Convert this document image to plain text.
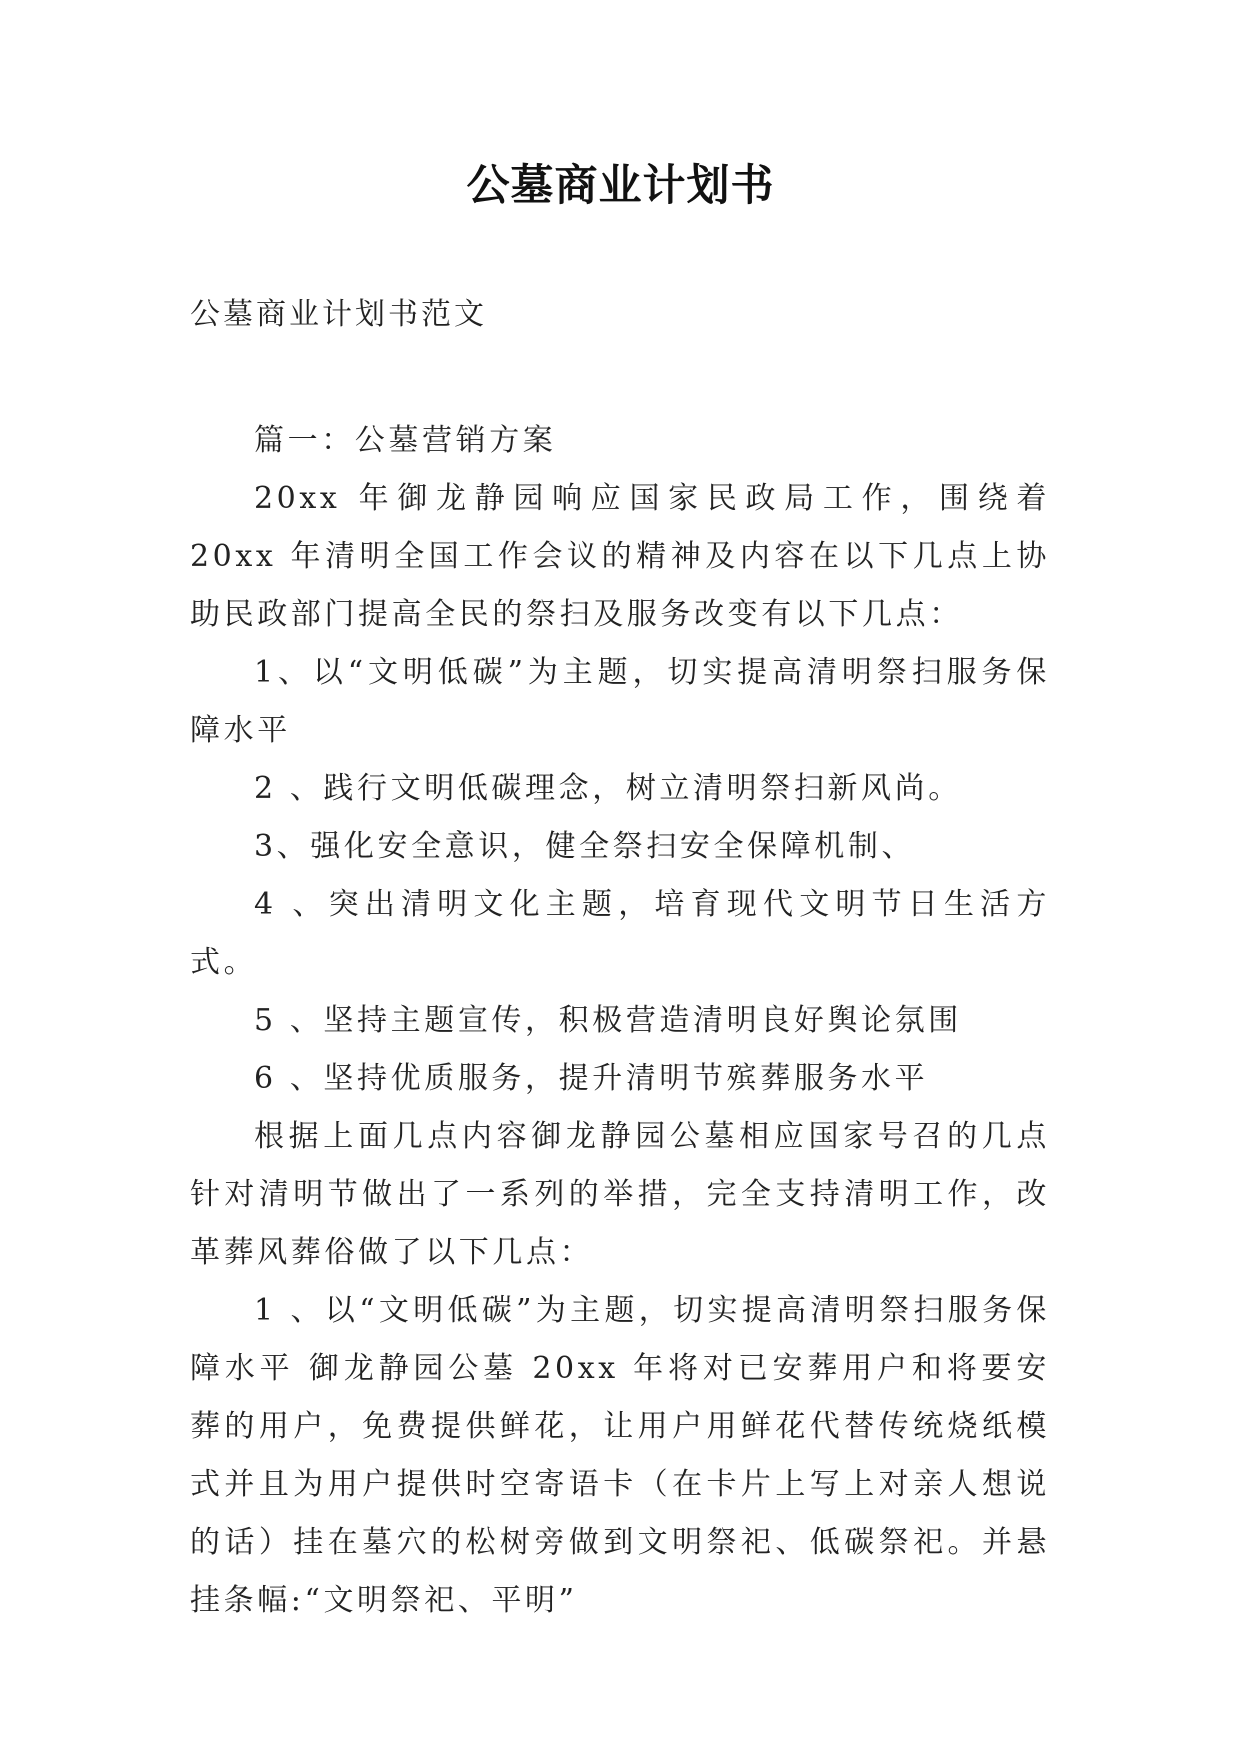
公墓商业计划书

公墓商业计划书范文

篇一：公墓营销方案

20xx 年御龙静园响应国家民政局工作，围绕着 20xx 年清明全国工作会议的精神及内容在以下几点上协助民政部门提高全民的祭扫及服务改变有以下几点：

1、以“文明低碳”为主题，切实提高清明祭扫服务保障水平

2 、践行文明低碳理念，树立清明祭扫新风尚。

3、强化安全意识，健全祭扫安全保障机制、

4 、突出清明文化主题，培育现代文明节日生活方式。

5 、坚持主题宣传，积极营造清明良好舆论氛围

6 、坚持优质服务，提升清明节殡葬服务水平

根据上面几点内容御龙静园公墓相应国家号召的几点针对清明节做出了一系列的举措，完全支持清明工作，改革葬风葬俗做了以下几点：

1 、以“文明低碳”为主题，切实提高清明祭扫服务保障水平 御龙静园公墓 20xx 年将对已安葬用户和将要安葬的用户，免费提供鲜花，让用户用鲜花代替传统烧纸模式并且为用户提供时空寄语卡（在卡片上写上对亲人想说的话）挂在墓穴的松树旁做到文明祭祀、低碳祭祀。并悬挂条幅:“文明祭祀、平明”
